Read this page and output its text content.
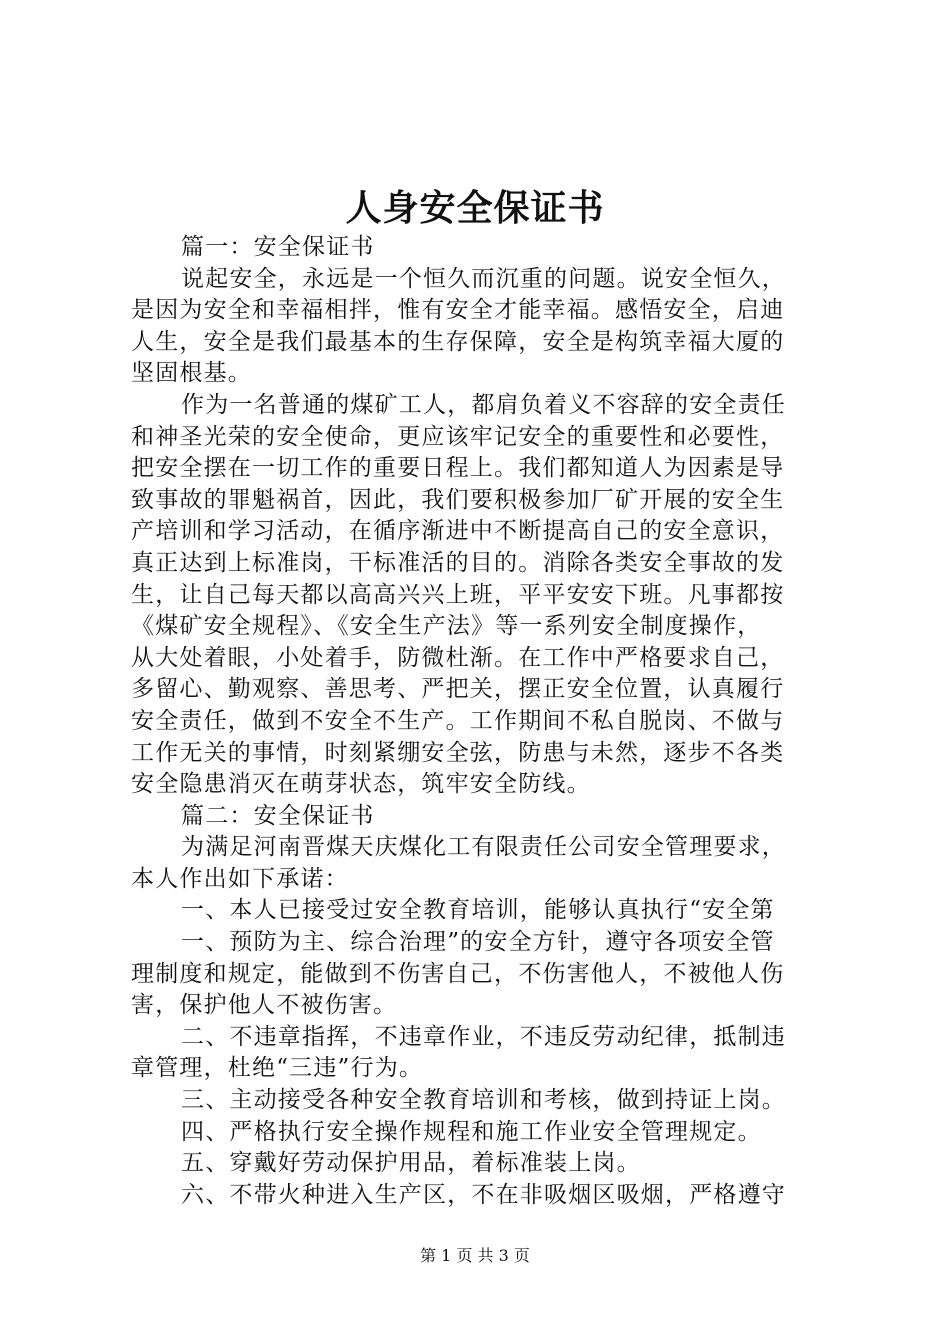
人身安全保证书
篇一：安全保证书
说起安全，永远是一个恒久而沉重的问题。说安全恒久，
是因为安全和幸福相拌，惟有安全才能幸福。感悟安全，启迪
人生，安全是我们最基本的生存保障，安全是构筑幸福大厦的
坚固根基。
作为一名普通的煤矿工人，都肩负着义不容辞的安全责任
和神圣光荣的安全使命，更应该牢记安全的重要性和必要性，
把安全摆在一切工作的重要日程上。我们都知道人为因素是导
致事故的罪魁祸首，因此，我们要积极参加厂矿开展的安全生
产培训和学习活动，在循序渐进中不断提高自己的安全意识，
真正达到上标准岗，干标准活的目的。消除各类安全事故的发
生，让自己每天都以高高兴兴上班，平平安安下班。凡事都按
《煤矿安全规程》、《安全生产法》等一系列安全制度操作，
从大处着眼，小处着手，防微杜渐。在工作中严格要求自己，
多留心、勤观察、善思考、严把关，摆正安全位置，认真履行
安全责任，做到不安全不生产。工作期间不私自脱岗、不做与
工作无关的事情，时刻紧绷安全弦，防患与未然，逐步不各类
安全隐患消灭在萌芽状态，筑牢安全防线。
篇二：安全保证书
为满足河南晋煤天庆煤化工有限责任公司安全管理要求，
本人作出如下承诺：
一、本人已接受过安全教育培训，能够认真执行“安全第
一、预防为主、综合治理”的安全方针，遵守各项安全管
理制度和规定，能做到不伤害自己，不伤害他人，不被他人伤
害，保护他人不被伤害。
二、不违章指挥，不违章作业，不违反劳动纪律，抵制违
章管理，杜绝“三违”行为。
三、主动接受各种安全教育培训和考核，做到持证上岗。
四、严格执行安全操作规程和施工作业安全管理规定。
五、穿戴好劳动保护用品，着标准装上岗。
六、不带火种进入生产区，不在非吸烟区吸烟，严格遵守
第 1 页 共 3 页
